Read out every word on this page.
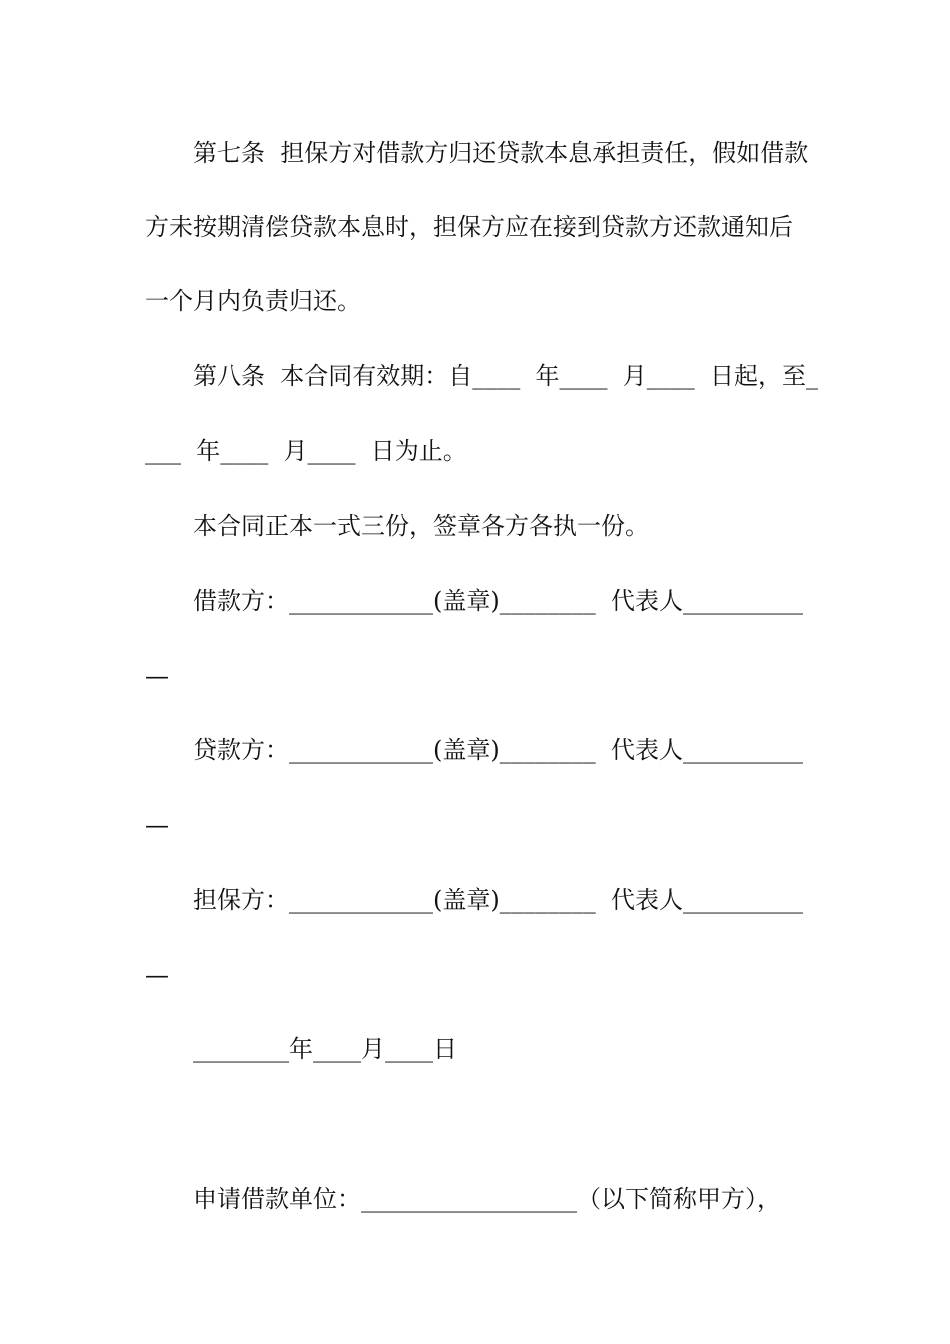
第七条  担保方对借款方归还贷款本息承担责任，假如借款
方未按期清偿贷款本息时，担保方应在接到贷款方还款通知后
一个月内负责归还。
第八条  本合同有效期：自____  年____  月____  日起，至_
___  年____  月____  日为止。
本合同正本一式三份，签章各方各执一份。
借款方：____________(盖章)________  代表人__________
—
贷款方：____________(盖章)________  代表人__________
—
担保方：____________(盖章)________  代表人__________
—
________年____月____日
申请借款单位：__________________（以下简称甲方），
